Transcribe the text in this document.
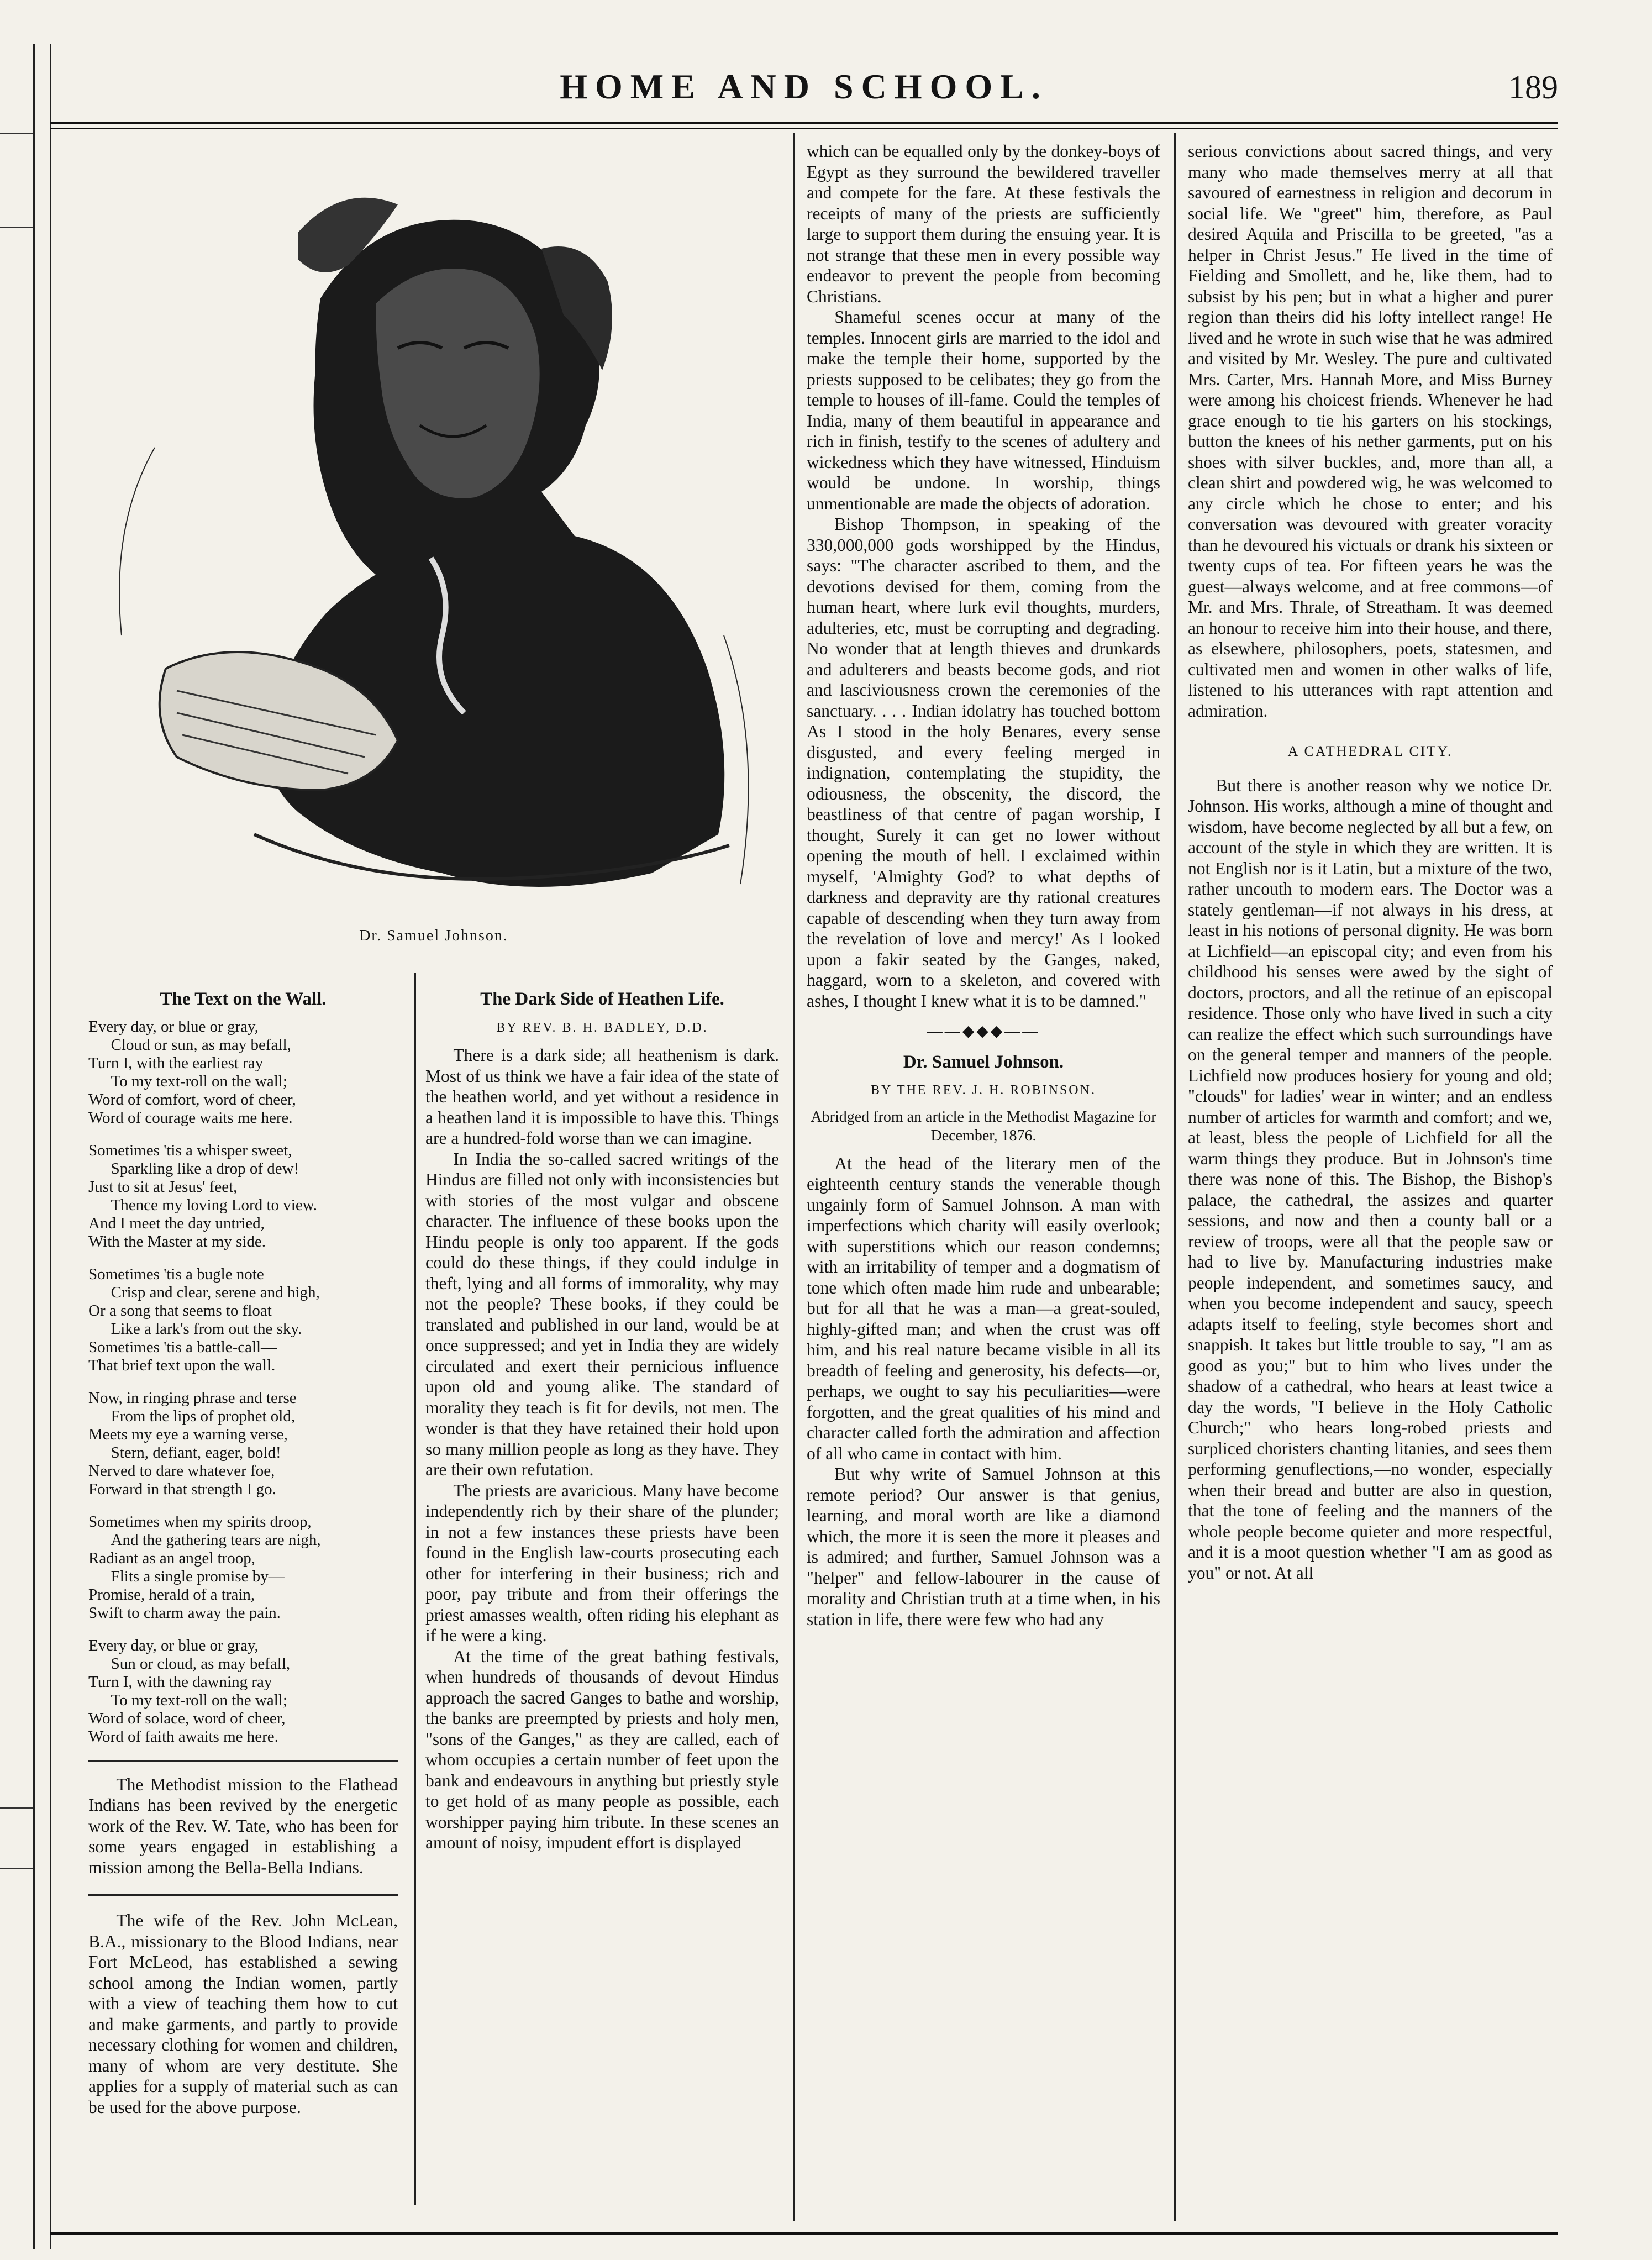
HOME AND SCHOOL.	189
Dr. Samuel Johnson.
The Text on the Wall.
Every day, or blue or gray,
Cloud or sun, as may befall,
Turn I, with the earliest ray
To my text-roll on the wall;
Word of comfort, word of cheer,
Word of courage waits me here.
Sometimes 'tis a whisper sweet,
Sparkling like a drop of dew!
Just to sit at Jesus' feet,
Thence my loving Lord to view.
And I meet the day untried,
With the Master at my side.
Sometimes 'tis a bugle note
Crisp and clear, serene and high,
Or a song that seems to float
Like a lark's from out the sky.
Sometimes 'tis a battle-call—
That brief text upon the wall.
Now, in ringing phrase and terse
From the lips of prophet old,
Meets my eye a warning verse,
Stern, defiant, eager, bold!
Nerved to dare whatever foe,
Forward in that strength I go.
Sometimes when my spirits droop,
And the gathering tears are nigh,
Radiant as an angel troop,
Flits a single promise by—
Promise, herald of a train,
Swift to charm away the pain.
Every day, or blue or gray,
Sun or cloud, as may befall,
Turn I, with the dawning ray
To my text-roll on the wall;
Word of solace, word of cheer,
Word of faith awaits me here.

The Methodist mission to the Flathead Indians has been revived by the energetic work of the Rev. W. Tate, who has been for some years engaged in establishing a mission among the Bella-Bella Indians.

The wife of the Rev. John McLean, B.A., missionary to the Blood Indians, near Fort McLeod, has established a sewing school among the Indian women, partly with a view of teaching them how to cut and make garments, and partly to provide necessary clothing for women and children, many of whom are very destitute. She applies for a supply of material such as can be used for the above purpose.

The Dark Side of Heathen Life.
BY REV. B. H. BADLEY, D.D.

There is a dark side; all heathenism is dark. Most of us think we have a fair idea of the state of the heathen world, and yet without a residence in a heathen land it is impossible to have this. Things are a hundred-fold worse than we can imagine.

In India the so-called sacred writings of the Hindus are filled not only with inconsistencies but with stories of the most vulgar and obscene character. The influence of these books upon the Hindu people is only too apparent. If the gods could do these things, if they could indulge in theft, lying and all forms of immorality, why may not the people? These books, if they could be translated and published in our land, would be at once suppressed; and yet in India they are widely circulated and exert their pernicious influence upon old and young alike. The standard of morality they teach is fit for devils, not men. The wonder is that they have retained their hold upon so many million people as long as they have. They are their own refutation.

The priests are avaricious. Many have become independently rich by their share of the plunder; in not a few instances these priests have been found in the English law-courts prosecuting each other for interfering in their business; rich and poor, pay tribute and from their offerings the priest amasses wealth, often riding his elephant as if he were a king.

At the time of the great bathing festivals, when hundreds of thousands of devout Hindus approach the sacred Ganges to bathe and worship, the banks are preempted by priests and holy men, "sons of the Ganges," as they are called, each of whom occupies a certain number of feet upon the bank and endeavours in anything but priestly style to get hold of as many people as possible, each worshipper paying him tribute. In these scenes an amount of noisy, impudent effort is displayed

which can be equalled only by the donkey-boys of Egypt as they surround the bewildered traveller and compete for the fare. At these festivals the receipts of many of the priests are sufficiently large to support them during the ensuing year. It is not strange that these men in every possible way endeavor to prevent the people from becoming Christians.

Shameful scenes occur at many of the temples. Innocent girls are married to the idol and make the temple their home, supported by the priests supposed to be celibates; they go from the temple to houses of ill-fame. Could the temples of India, many of them beautiful in appearance and rich in finish, testify to the scenes of adultery and wickedness which they have witnessed, Hinduism would be undone. In worship, things unmentionable are made the objects of adoration.

Bishop Thompson, in speaking of the 330,000,000 gods worshipped by the Hindus, says: "The character ascribed to them, and the devotions devised for them, coming from the human heart, where lurk evil thoughts, murders, adulteries, etc, must be corrupting and degrading. No wonder that at length thieves and drunkards and adulterers and beasts become gods, and riot and lasciviousness crown the ceremonies of the sanctuary. . . . Indian idolatry has touched bottom As I stood in the holy Benares, every sense disgusted, and every feeling merged in indignation, contemplating the stupidity, the odiousness, the obscenity, the discord, the beastliness of that centre of pagan worship, I thought, Surely it can get no lower without opening the mouth of hell. I exclaimed within myself, 'Almighty God? to what depths of darkness and depravity are thy rational creatures capable of descending when they turn away from the revelation of love and mercy!' As I looked upon a fakir seated by the Ganges, naked, haggard, worn to a skeleton, and covered with ashes, I thought I knew what it is to be damned."

——◆◆◆——
Dr. Samuel Johnson.
BY THE REV. J. H. ROBINSON.
Abridged from an article in the Methodist Magazine for December, 1876.

At the head of the literary men of the eighteenth century stands the venerable though ungainly form of Samuel Johnson. A man with imperfections which charity will easily overlook; with superstitions which our reason condemns; with an irritability of temper and a dogmatism of tone which often made him rude and unbearable; but for all that he was a man—a great-souled, highly-gifted man; and when the crust was off him, and his real nature became visible in all its breadth of feeling and generosity, his defects—or, perhaps, we ought to say his peculiarities—were forgotten, and the great qualities of his mind and character called forth the admiration and affection of all who came in contact with him.

But why write of Samuel Johnson at this remote period? Our answer is that genius, learning, and moral worth are like a diamond which, the more it is seen the more it pleases and is admired; and further, Samuel Johnson was a "helper" and fellow-labourer in the cause of morality and Christian truth at a time when, in his station in life, there were few who had any

serious convictions about sacred things, and very many who made themselves merry at all that savoured of earnestness in religion and decorum in social life. We "greet" him, therefore, as Paul desired Aquila and Priscilla to be greeted, "as a helper in Christ Jesus." He lived in the time of Fielding and Smollett, and he, like them, had to subsist by his pen; but in what a higher and purer region than theirs did his lofty intellect range! He lived and he wrote in such wise that he was admired and visited by Mr. Wesley. The pure and cultivated Mrs. Carter, Mrs. Hannah More, and Miss Burney were among his choicest friends. Whenever he had grace enough to tie his garters on his stockings, button the knees of his nether garments, put on his shoes with silver buckles, and, more than all, a clean shirt and powdered wig, he was welcomed to any circle which he chose to enter; and his conversation was devoured with greater voracity than he devoured his victuals or drank his sixteen or twenty cups of tea. For fifteen years he was the guest—always welcome, and at free commons—of Mr. and Mrs. Thrale, of Streatham. It was deemed an honour to receive him into their house, and there, as elsewhere, philosophers, poets, statesmen, and cultivated men and women in other walks of life, listened to his utterances with rapt attention and admiration.

A CATHEDRAL CITY.

But there is another reason why we notice Dr. Johnson. His works, although a mine of thought and wisdom, have become neglected by all but a few, on account of the style in which they are written. It is not English nor is it Latin, but a mixture of the two, rather uncouth to modern ears. The Doctor was a stately gentleman—if not always in his dress, at least in his notions of personal dignity. He was born at Lichfield—an episcopal city; and even from his childhood his senses were awed by the sight of doctors, proctors, and all the retinue of an episcopal residence. Those only who have lived in such a city can realize the effect which such surroundings have on the general temper and manners of the people. Lichfield now produces hosiery for young and old; "clouds" for ladies' wear in winter; and an endless number of articles for warmth and comfort; and we, at least, bless the people of Lichfield for all the warm things they produce. But in Johnson's time there was none of this. The Bishop, the Bishop's palace, the cathedral, the assizes and quarter sessions, and now and then a county ball or a review of troops, were all that the people saw or had to live by. Manufacturing industries make people independent, and sometimes saucy, and when you become independent and saucy, speech adapts itself to feeling, style becomes short and snappish. It takes but little trouble to say, "I am as good as you;" but to him who lives under the shadow of a cathedral, who hears at least twice a day the words, "I believe in the Holy Catholic Church;" who hears long-robed priests and surpliced choristers chanting litanies, and sees them performing genuflections,—no wonder, especially when their bread and butter are also in question, that the tone of feeling and the manners of the whole people become quieter and more respectful, and it is a moot question whether "I am as good as you" or not. At all
